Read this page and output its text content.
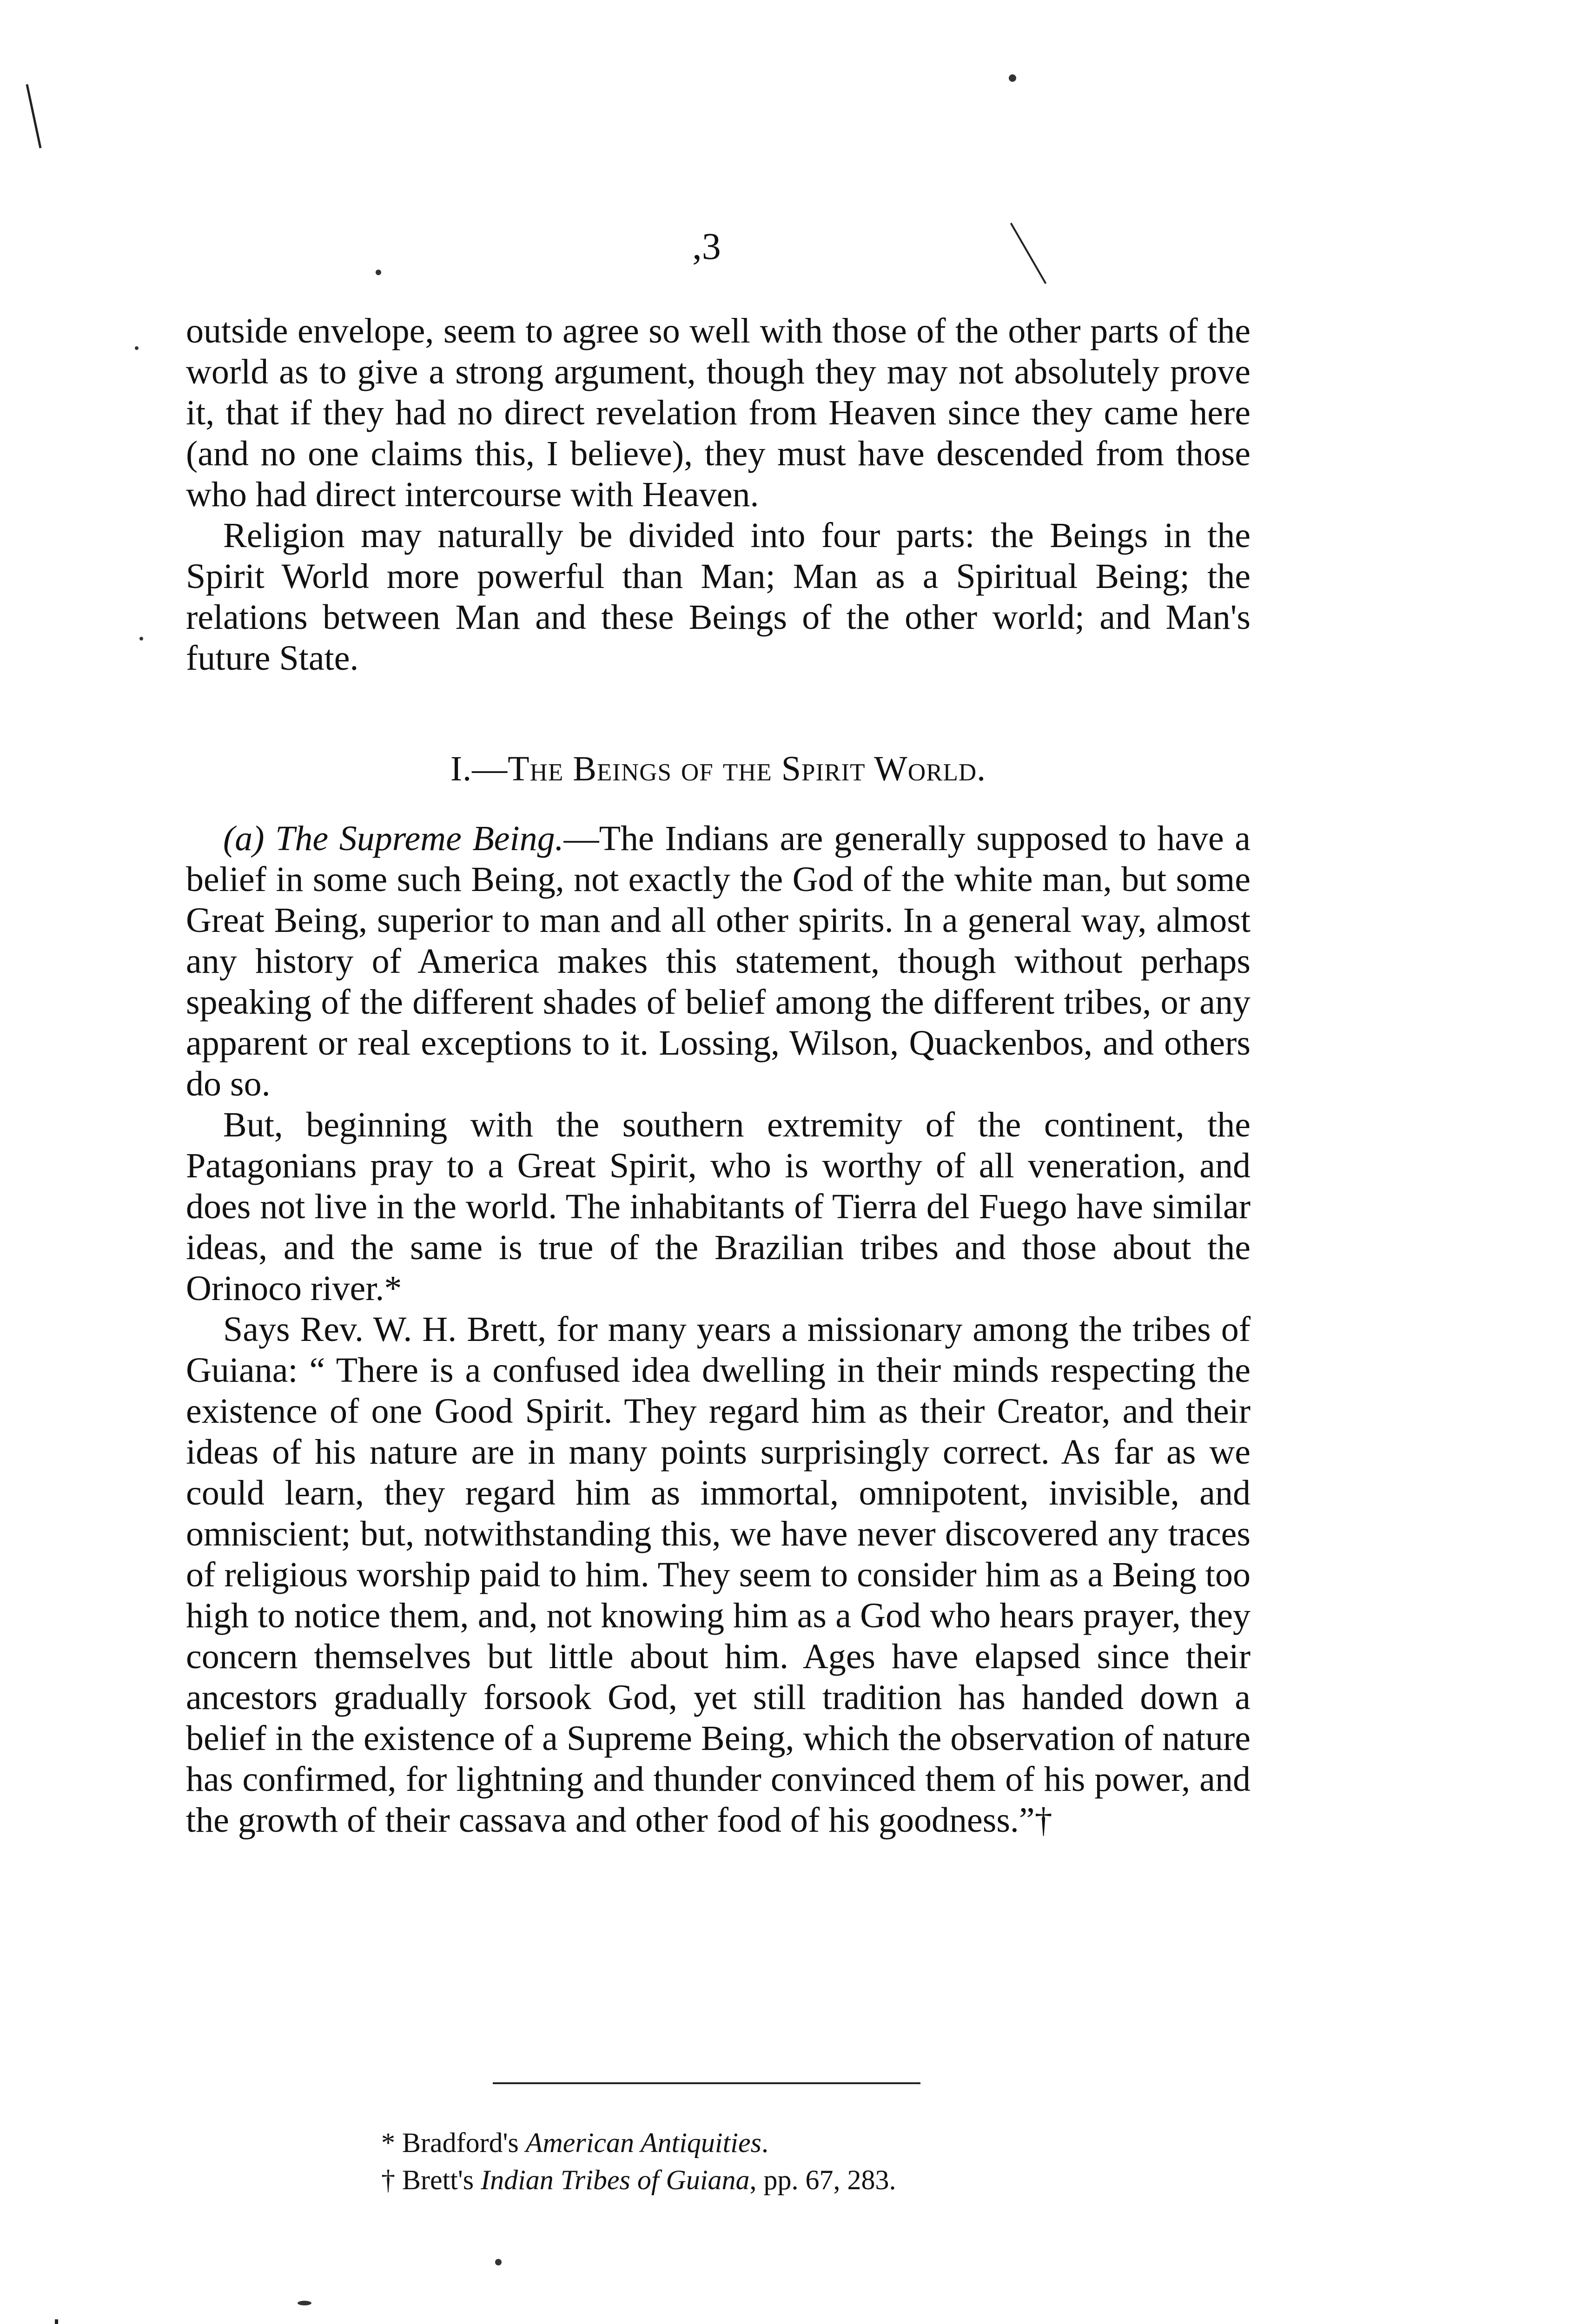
,3

outside envelope, seem to agree so well with those of the other parts of the world as to give a strong argument, though they may not absolutely prove it, that if they had no direct revelation from Heaven since they came here (and no one claims this, I believe), they must have descended from those who had direct intercourse with Heaven.

Religion may naturally be divided into four parts: the Beings in the Spirit World more powerful than Man; Man as a Spiritual Being; the relations between Man and these Beings of the other world; and Man's future State.

I.—The Beings of the Spirit World.

(a) The Supreme Being.—The Indians are generally supposed to have a belief in some such Being, not exactly the God of the white man, but some Great Being, superior to man and all other spirits. In a general way, almost any history of America makes this statement, though without perhaps speaking of the different shades of belief among the different tribes, or any apparent or real exceptions to it. Lossing, Wilson, Quackenbos, and others do so.

But, beginning with the southern extremity of the continent, the Patagonians pray to a Great Spirit, who is worthy of all veneration, and does not live in the world. The inhabitants of Tierra del Fuego have similar ideas, and the same is true of the Brazilian tribes and those about the Orinoco river.*

Says Rev. W. H. Brett, for many years a missionary among the tribes of Guiana: “ There is a confused idea dwelling in their minds respecting the existence of one Good Spirit. They regard him as their Creator, and their ideas of his nature are in many points surprisingly correct. As far as we could learn, they regard him as immortal, omnipotent, invisible, and omniscient; but, notwithstanding this, we have never discovered any traces of religious worship paid to him. They seem to consider him as a Being too high to notice them, and, not knowing him as a God who hears prayer, they concern themselves but little about him. Ages have elapsed since their ancestors gradually forsook God, yet still tradition has handed down a belief in the existence of a Supreme Being, which the observation of nature has confirmed, for lightning and thunder convinced them of his power, and the growth of their cassava and other food of his goodness.”†

* Bradford's American Antiquities.

† Brett's Indian Tribes of Guiana, pp. 67, 283.
